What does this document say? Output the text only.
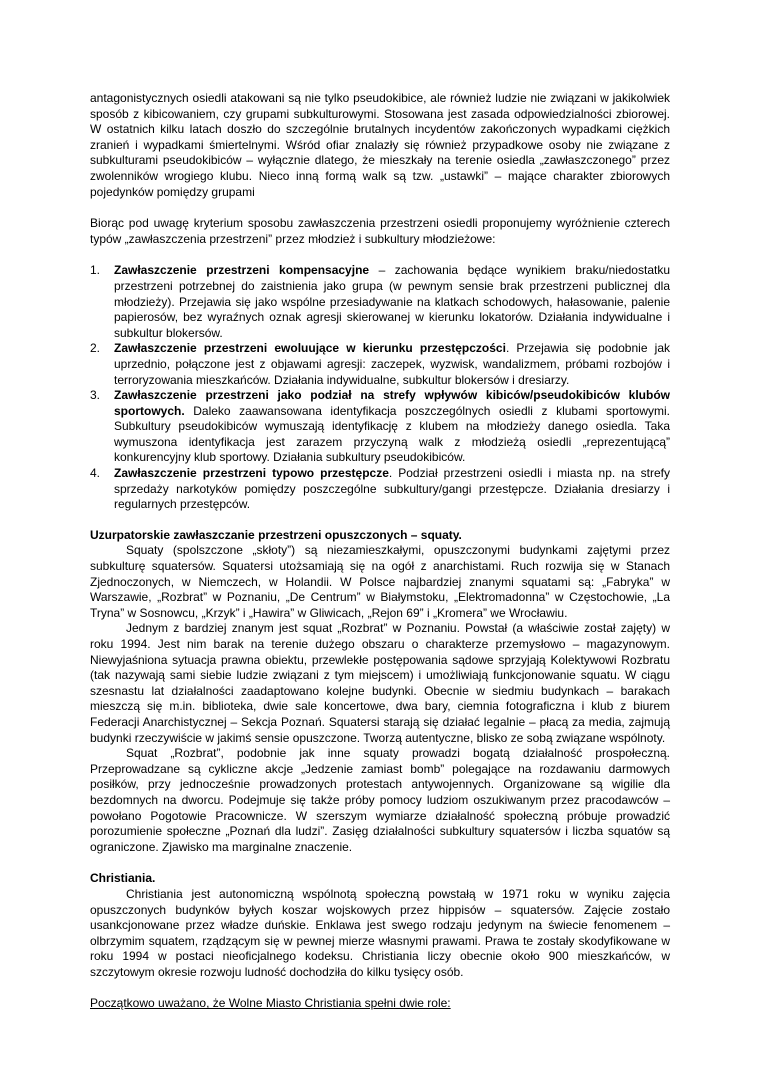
antagonistycznych osiedli atakowani są nie tylko pseudokibice, ale również ludzie nie związani w jakikolwiek sposób z kibicowaniem, czy grupami subkulturowymi. Stosowana jest zasada odpowiedzialności zbiorowej. W ostatnich kilku latach doszło do szczególnie brutalnych incydentów zakończonych wypadkami ciężkich zranień i wypadkami śmiertelnymi. Wśród ofiar znalazły się również przypadkowe osoby nie związane z subkulturami pseudokibiców – wyłącznie dlatego, że mieszkały na terenie osiedla „zawłaszczonego” przez zwolenników wrogiego klubu. Nieco inną formą walk są tzw. „ustawki” – mające charakter zbiorowych pojedynków pomiędzy grupami

Biorąc pod uwagę kryterium sposobu zawłaszczenia przestrzeni osiedli proponujemy wyróżnienie czterech typów „zawłaszczenia przestrzeni” przez młodzież i subkultury młodzieżowe:

1. Zawłaszczenie przestrzeni kompensacyjne – zachowania będące wynikiem braku/niedostatku przestrzeni potrzebnej do zaistnienia jako grupa (w pewnym sensie brak przestrzeni publicznej dla młodzieży). Przejawia się jako wspólne przesiadywanie na klatkach schodowych, hałasowanie, palenie papierosów, bez wyraźnych oznak agresji skierowanej w kierunku lokatorów. Działania indywidualne i subkultur blokersów.
2. Zawłaszczenie przestrzeni ewoluujące w kierunku przestępczości. Przejawia się podobnie jak uprzednio, połączone jest z objawami agresji: zaczepek, wyzwisk, wandalizmem, próbami rozbojów i terroryzowania mieszkańców. Działania indywidualne, subkultur blokersów i dresiarzy.
3. Zawłaszczenie przestrzeni jako podział na strefy wpływów kibiców/pseudokibiców klubów sportowych. Daleko zaawansowana identyfikacja poszczególnych osiedli z klubami sportowymi. Subkultury pseudokibiców wymuszają identyfikację z klubem na młodzieży danego osiedla. Taka wymuszona identyfikacja jest zarazem przyczyną walk z młodzieżą osiedli „reprezentującą” konkurencyjny klub sportowy. Działania subkultury pseudokibiców.
4. Zawłaszczenie przestrzeni typowo przestępcze. Podział przestrzeni osiedli i miasta np. na strefy sprzedaży narkotyków pomiędzy poszczególne subkultury/gangi przestępcze. Działania dresiarzy i regularnych przestępców.

Uzurpatorskie zawłaszczanie przestrzeni opuszczonych – squaty.

Squaty (spolszczone „skłoty”) są niezamieszkałymi, opuszczonymi budynkami zajętymi przez subkulturę squatersów. Squatersi utożsamiają się na ogół z anarchistami. Ruch rozwija się w Stanach Zjednoczonych, w Niemczech, w Holandii. W Polsce najbardziej znanymi squatami są: „Fabryka” w Warszawie, „Rozbrat” w Poznaniu, „De Centrum” w Białymstoku, „Elektromadonna” w Częstochowie, „La Tryna” w Sosnowcu, „Krzyk” i „Hawira” w Gliwicach, „Rejon 69” i „Kromera” we Wrocławiu.

Jednym z bardziej znanym jest squat „Rozbrat” w Poznaniu. Powstał (a właściwie został zajęty) w roku 1994. Jest nim barak na terenie dużego obszaru o charakterze przemysłowo – magazynowym. Niewyjaśniona sytuacja prawna obiektu, przewlekłe postępowania sądowe sprzyjają Kolektywowi Rozbratu (tak nazywają sami siebie ludzie związani z tym miejscem) i umożliwiają funkcjonowanie squatu. W ciągu szesnastu lat działalności zaadaptowano kolejne budynki. Obecnie w siedmiu budynkach – barakach mieszczą się m.in. biblioteka, dwie sale koncertowe, dwa bary, ciemnia fotograficzna i klub z biurem Federacji Anarchistycznej – Sekcja Poznań. Squatersi starają się działać legalnie – płacą za media, zajmują budynki rzeczywiście w jakimś sensie opuszczone. Tworzą autentyczne, blisko ze sobą związane wspólnoty.

Squat „Rozbrat”, podobnie jak inne squaty prowadzi bogatą działalność prospołeczną. Przeprowadzane są cykliczne akcje „Jedzenie zamiast bomb” polegające na rozdawaniu darmowych posiłków, przy jednocześnie prowadzonych protestach antywojennych. Organizowane są wigilie dla bezdomnych na dworcu. Podejmuje się także próby pomocy ludziom oszukiwanym przez pracodawców – powołano Pogotowie Pracownicze. W szerszym wymiarze działalność społeczną próbuje prowadzić porozumienie społeczne „Poznań dla ludzi”. Zasięg działalności subkultury squatersów i liczba squatów są ograniczone. Zjawisko ma marginalne znaczenie.

Christiania.

Christiania jest autonomiczną wspólnotą społeczną powstałą w 1971 roku w wyniku zajęcia opuszczonych budynków byłych koszar wojskowych przez hippisów – squatersów. Zajęcie zostało usankcjonowane przez władze duńskie. Enklawa jest swego rodzaju jedynym na świecie fenomenem – olbrzymim squatem, rządzącym się w pewnej mierze własnymi prawami. Prawa te zostały skodyfikowane w roku 1994 w postaci nieoficjalnego kodeksu. Christiania liczy obecnie około 900 mieszkańców, w szczytowym okresie rozwoju ludność dochodziła do kilku tysięcy osób.

Początkowo uważano, że Wolne Miasto Christiania spełni dwie role:
